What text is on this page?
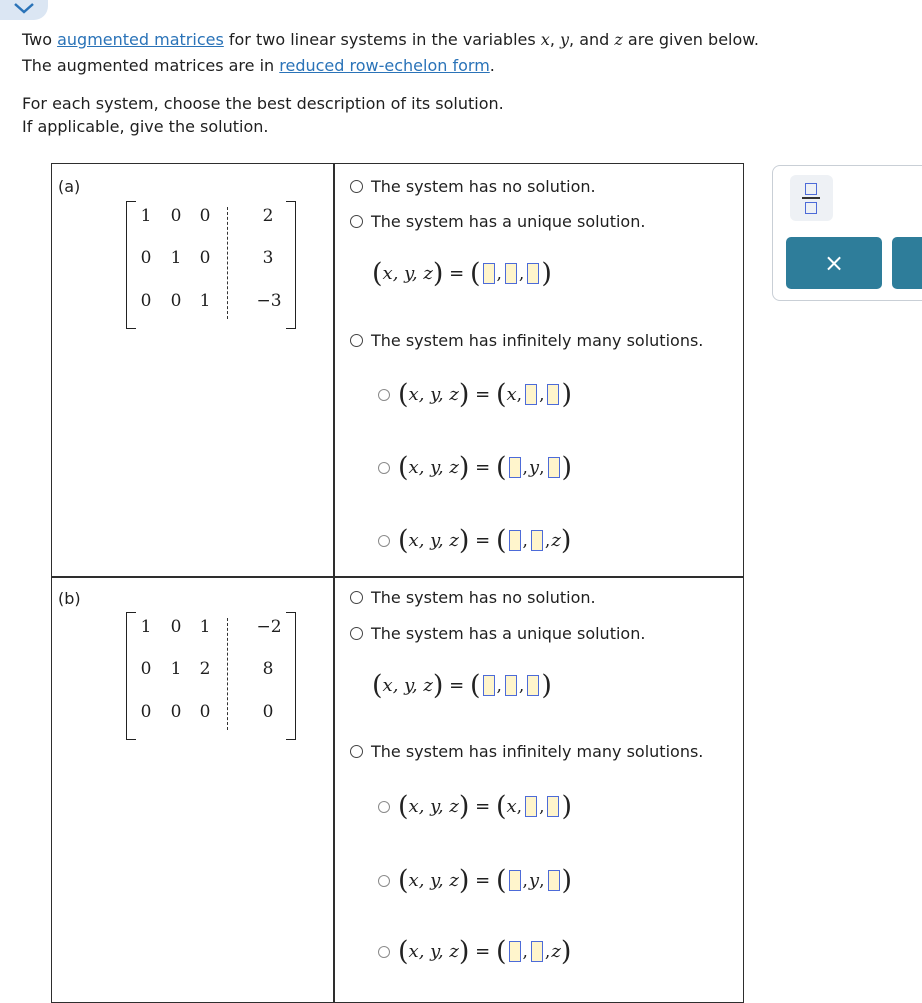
Two augmented matrices for two linear systems in the variables x, y, and z are given below.
The augmented matrices are in reduced row-echelon form.
For each system, choose the best description of its solution.
If applicable, give the solution.
(a)
1	0	0	2
0	1	0	3
0	0	1	−3
The system has no solution.
The system has a unique solution.
( x, y, z )
=
( , , )
The system has infinitely many solutions.
( x, y, z )
=
( x , , )
( x, y, z )
=
( , y , )
( x, y, z )
=
( , , z )
(b)
1	0	1	−2
0	1	2	8
0	0	0	0
The system has no solution.
The system has a unique solution.
( x, y, z )
=
( , , )
The system has infinitely many solutions.
( x, y, z )
=
( x , , )
( x, y, z )
=
( , y , )
( x, y, z )
=
( , , z )
×
